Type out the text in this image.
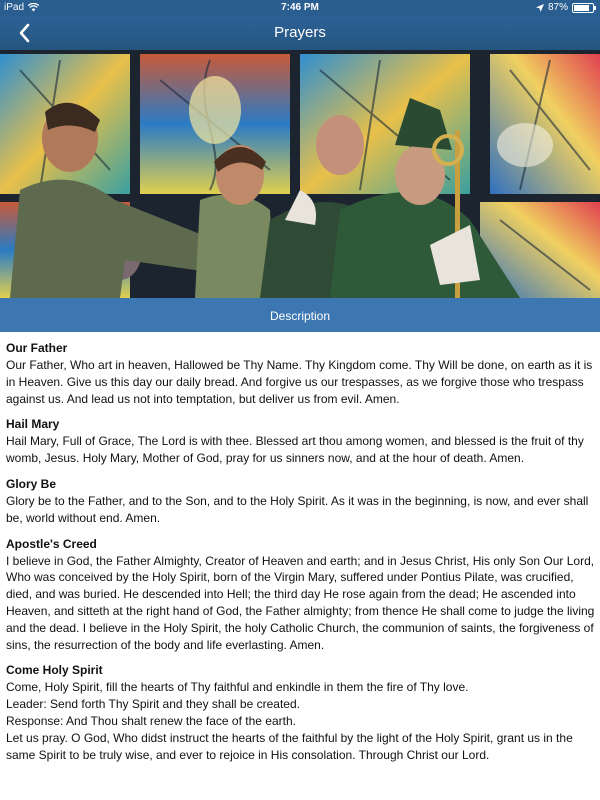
iPad	7:46 PM	87%
Prayers
Description
Our Father

Our Father, Who art in heaven, Hallowed be Thy Name. Thy Kingdom come. Thy Will be done, on earth as it is in Heaven. Give us this day our daily bread. And forgive us our trespasses, as we forgive those who trespass against us. And lead us not into temptation, but deliver us from evil. Amen.

Hail Mary

Hail Mary, Full of Grace, The Lord is with thee. Blessed art thou among women, and blessed is the fruit of thy womb, Jesus. Holy Mary, Mother of God, pray for us sinners now, and at the hour of death. Amen.

Glory Be

Glory be to the Father, and to the Son, and to the Holy Spirit. As it was in the beginning, is now, and ever shall be, world without end. Amen.

Apostle's Creed

I believe in God, the Father Almighty, Creator of Heaven and earth; and in Jesus Christ, His only Son Our Lord, Who was conceived by the Holy Spirit, born of the Virgin Mary, suffered under Pontius Pilate, was crucified, died, and was buried. He descended into Hell; the third day He rose again from the dead; He ascended into Heaven, and sitteth at the right hand of God, the Father almighty; from thence He shall come to judge the living and the dead. I believe in the Holy Spirit, the holy Catholic Church, the communion of saints, the forgiveness of sins, the resurrection of the body and life everlasting. Amen.

Come Holy Spirit

Come, Holy Spirit, fill the hearts of Thy faithful and enkindle in them the fire of Thy love.

Leader: Send forth Thy Spirit and they shall be created.

Response: And Thou shalt renew the face of the earth.

Let us pray. O God, Who didst instruct the hearts of the faithful by the light of the Holy Spirit, grant us in the same Spirit to be truly wise, and ever to rejoice in His consolation. Through Christ our Lord.
